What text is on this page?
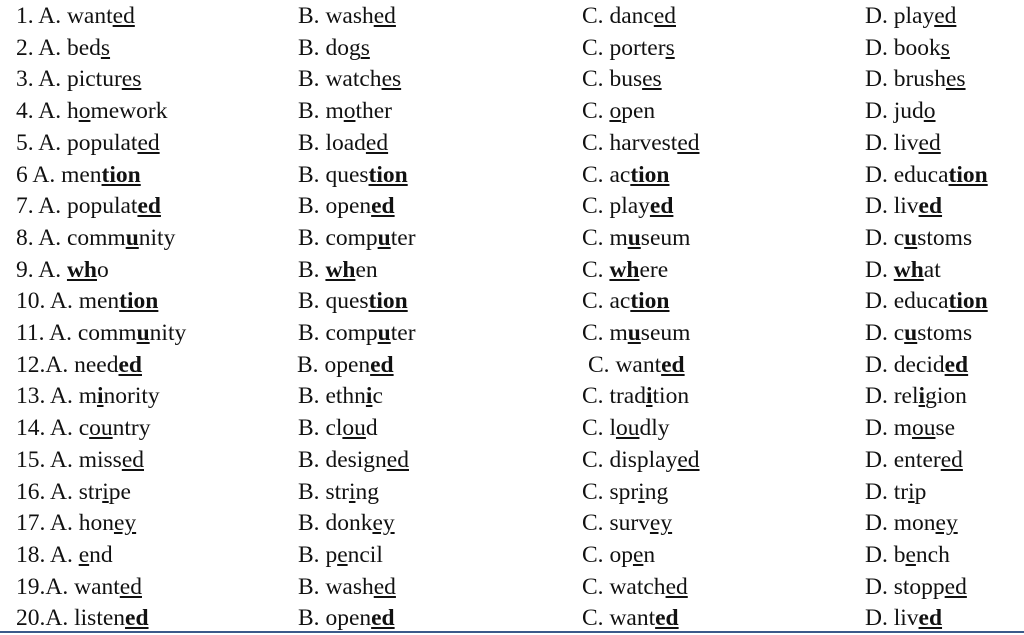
1. A. wanted	B. washed	C. danced	D. played
2. A. beds	B. dogs	C. porters	D. books
3. A. pictures	B. watches	C. buses	D. brushes
4. A. homework	B. mother	C. open	D. judo
5. A. populated	B. loaded	C. harvested	D. lived
6 A. mention	B. question	C. action	D. education
7. A. populated	B. opened	C. played	D. lived
8. A. community	B. computer	C. museum	D. customs
9. A. who	B. when	C. where	D. what
10. A. mention	B. question	C. action	D. education
11. A. community	B. computer	C. museum	D. customs
12.A. needed	B. opened	C. wanted	D. decided
13. A. minority	B. ethnic	C. tradition	D. religion
14. A. country	B. cloud	C. loudly	D. mouse
15. A. missed	B. designed	C. displayed	D. entered
16. A. stripe	B. string	C. spring	D. trip
17. A. honey	B. donkey	C. survey	D. money
18. A. end	B. pencil	C. open	D. bench
19.A. wanted	B. washed	C. watched	D. stopped
20.A. listened	B. opened	C. wanted	D. lived
